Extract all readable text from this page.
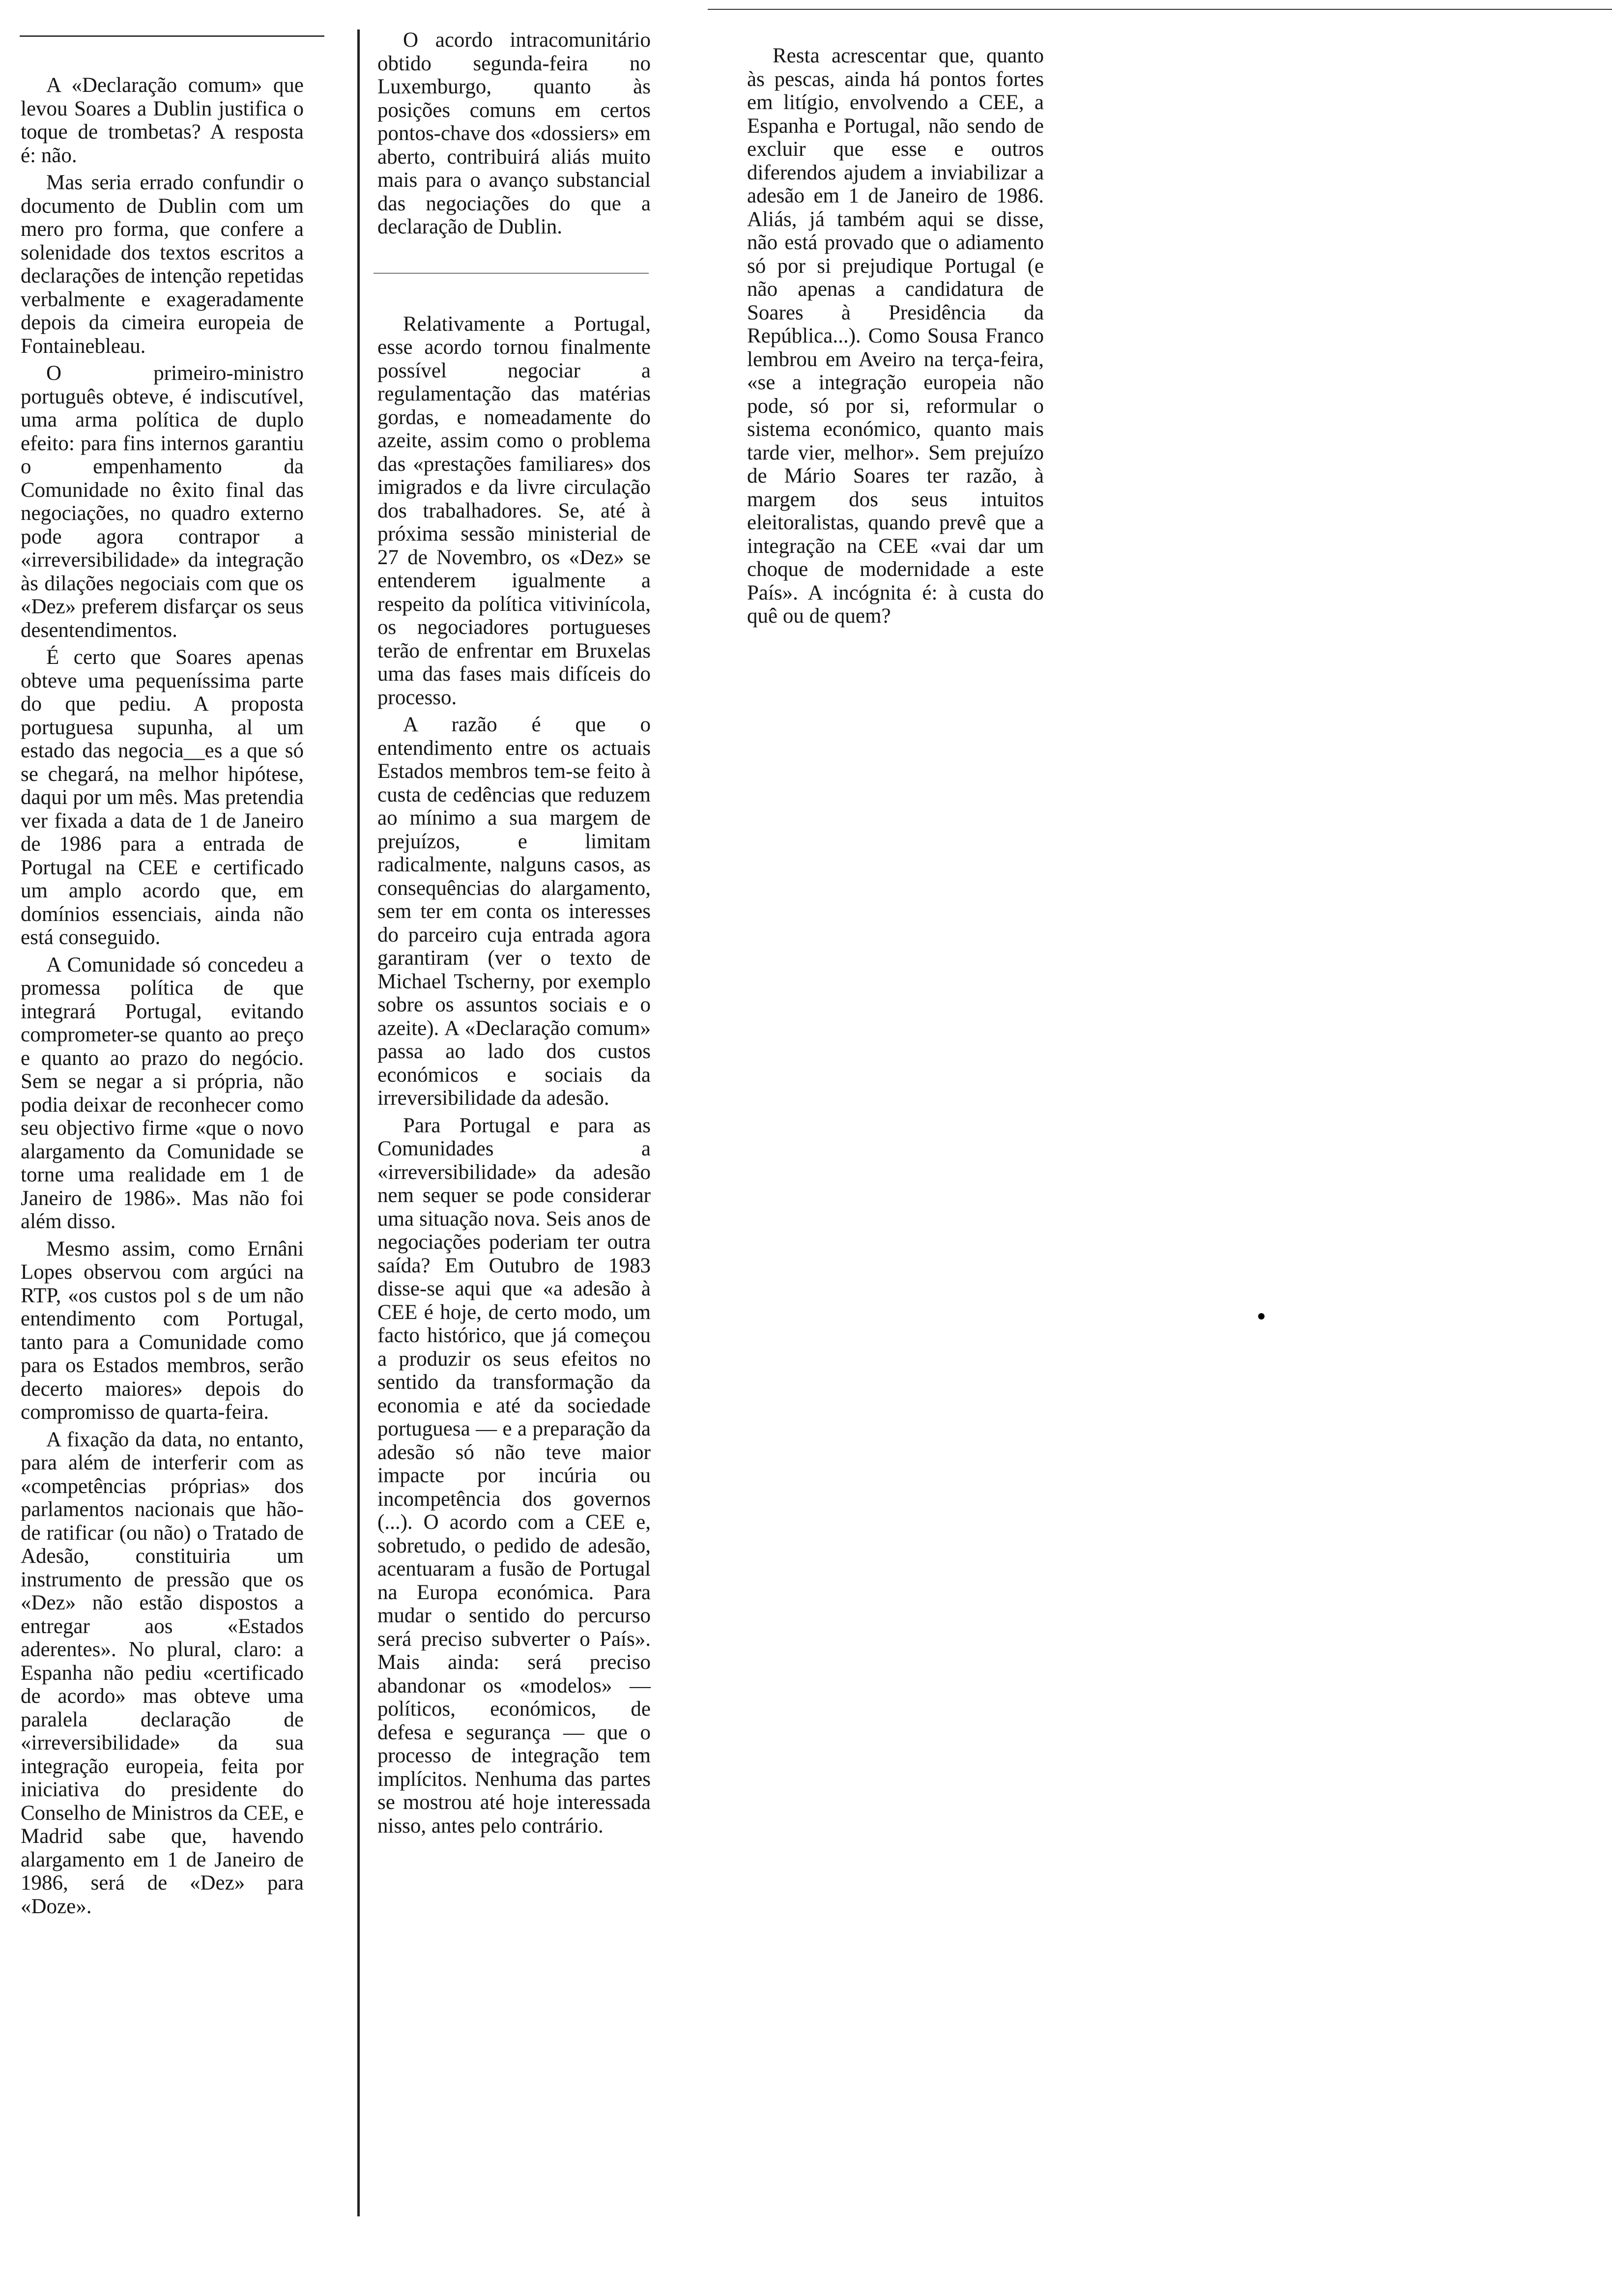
A «Declaração comum» que levou Soares a Dublin justifica o toque de trombetas? A resposta é: não.

Mas seria errado confundir o documento de Dublin com um mero pro forma, que confere a solenidade dos textos escritos a declarações de intenção repetidas verbalmente e exageradamente depois da cimeira europeia de Fontainebleau.

O primeiro-ministro português obteve, é indiscutível, uma arma política de duplo efeito: para fins internos garantiu o empenhamento da Comunidade no êxito final das negociações, no quadro externo pode agora contrapor a «irreversibilidade» da integração às dilações negociais com que os «Dez» preferem disfarçar os seus desentendimentos.

É certo que Soares apenas obteve uma pequeníssima parte do que pediu. A proposta portuguesa supunha, al um estado das negocia__es a que só se chegará, na melhor hipótese, daqui por um mês. Mas pretendia ver fixada a data de 1 de Janeiro de 1986 para a entrada de Portugal na CEE e certificado um amplo acordo que, em domínios essenciais, ainda não está conseguido.

A Comunidade só concedeu a promessa política de que integrará Portugal, evitando comprometer-se quanto ao preço e quanto ao prazo do negócio. Sem se negar a si própria, não podia deixar de reconhecer como seu objectivo firme «que o novo alargamento da Comunidade se torne uma realidade em 1 de Janeiro de 1986». Mas não foi além disso.

Mesmo assim, como Ernâni Lopes observou com argúci na RTP, «os custos pol s de um não entendimento com Portugal, tanto para a Comunidade como para os Estados membros, serão decerto maiores» depois do compromisso de quarta-feira.

A fixação da data, no entanto, para além de interferir com as «competências próprias» dos parlamentos nacionais que hão-de ratificar (ou não) o Tratado de Adesão, constituiria um instrumento de pressão que os «Dez» não estão dispostos a entregar aos «Estados aderentes». No plural, claro: a Espanha não pediu «certificado de acordo» mas obteve uma paralela declaração de «irreversibilidade» da sua integração europeia, feita por iniciativa do presidente do Conselho de Ministros da CEE, e Madrid sabe que, havendo alargamento em 1 de Janeiro de 1986, será de «Dez» para «Doze».

O acordo intracomunitário obtido segunda-feira no Luxemburgo, quanto às posições comuns em certos pontos-chave dos «dossiers» em aberto, contribuirá aliás muito mais para o avanço substancial das negociações do que a declaração de Dublin.

Relativamente a Portugal, esse acordo tornou finalmente possível negociar a regulamentação das matérias gordas, e nomeadamente do azeite, assim como o problema das «prestações familiares» dos imigrados e da livre circulação dos trabalhadores. Se, até à próxima sessão ministerial de 27 de Novembro, os «Dez» se entenderem igualmente a respeito da política vitivinícola, os negociadores portugueses terão de enfrentar em Bruxelas uma das fases mais difíceis do processo.

A razão é que o entendimento entre os actuais Estados membros tem-se feito à custa de cedências que reduzem ao mínimo a sua margem de prejuízos, e limitam radicalmente, nalguns casos, as consequências do alargamento, sem ter em conta os interesses do parceiro cuja entrada agora garantiram (ver o texto de Michael Tscherny, por exemplo sobre os assuntos sociais e o azeite). A «Declaração comum» passa ao lado dos custos económicos e sociais da irreversibilidade da adesão.

Para Portugal e para as Comunidades a «irreversibilidade» da adesão nem sequer se pode considerar uma situação nova. Seis anos de negociações poderiam ter outra saída? Em Outubro de 1983 disse-se aqui que «a adesão à CEE é hoje, de certo modo, um facto histórico, que já começou a produzir os seus efeitos no sentido da transformação da economia e até da sociedade portuguesa — e a preparação da adesão só não teve maior impacte por incúria ou incompetência dos governos (...). O acordo com a CEE e, sobretudo, o pedido de adesão, acentuaram a fusão de Portugal na Europa económica. Para mudar o sentido do percurso será preciso subverter o País». Mais ainda: será preciso abandonar os «modelos» — políticos, económicos, de defesa e segurança — que o processo de integração tem implícitos. Nenhuma das partes se mostrou até hoje interessada nisso, antes pelo contrário.

Resta acrescentar que, quanto às pescas, ainda há pontos fortes em litígio, envolvendo a CEE, a Espanha e Portugal, não sendo de excluir que esse e outros diferendos ajudem a inviabilizar a adesão em 1 de Janeiro de 1986. Aliás, já também aqui se disse, não está provado que o adiamento só por si prejudique Portugal (e não apenas a candidatura de Soares à Presidência da República...). Como Sousa Franco lembrou em Aveiro na terça-feira, «se a integração europeia não pode, só por si, reformular o sistema económico, quanto mais tarde vier, melhor». Sem prejuízo de Mário Soares ter razão, à margem dos seus intuitos eleitoralistas, quando prevê que a integração na CEE «vai dar um choque de modernidade a este País». A incógnita é: à custa do quê ou de quem?
